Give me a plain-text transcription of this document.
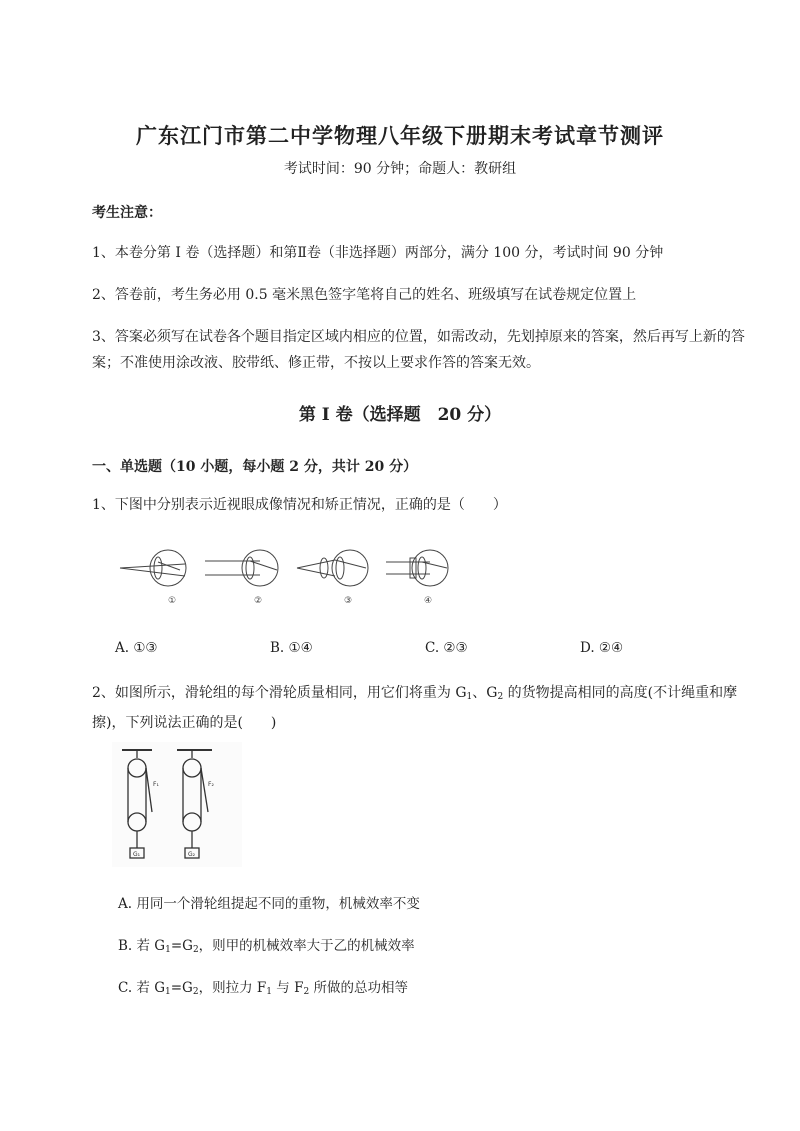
广东江门市第二中学物理八年级下册期末考试章节测评
考试时间：90 分钟；命题人：教研组
考生注意：
1、本卷分第 I 卷（选择题）和第Ⅱ卷（非选择题）两部分，满分 100 分，考试时间 90 分钟
2、答卷前，考生务必用 0.5 毫米黑色签字笔将自己的姓名、班级填写在试卷规定位置上
3、答案必须写在试卷各个题目指定区域内相应的位置，如需改动，先划掉原来的答案，然后再写上新的答案；不准使用涂改液、胶带纸、修正带，不按以上要求作答的答案无效。
第 I 卷（选择题　20 分）
一、单选题（10 小题，每小题 2 分，共计 20 分）
1、下图中分别表示近视眼成像情况和矫正情况，正确的是（　　）
①	②	③	④
A. ①③	B. ①④	C. ②③	D. ②④
2、如图所示，滑轮组的每个滑轮质量相同，用它们将重为 $G_1$、$G_2$ 的货物提高相同的高度(不计绳重和摩擦)，下列说法正确的是(　　)
F₁
G₁
F₂
G₂
A. 用同一个滑轮组提起不同的重物，机械效率不变
B. 若 $G_1=G_2$，则甲的机械效率大于乙的机械效率
C. 若 $G_1=G_2$，则拉力 $F_1$ 与 $F_2$ 所做的总功相等
